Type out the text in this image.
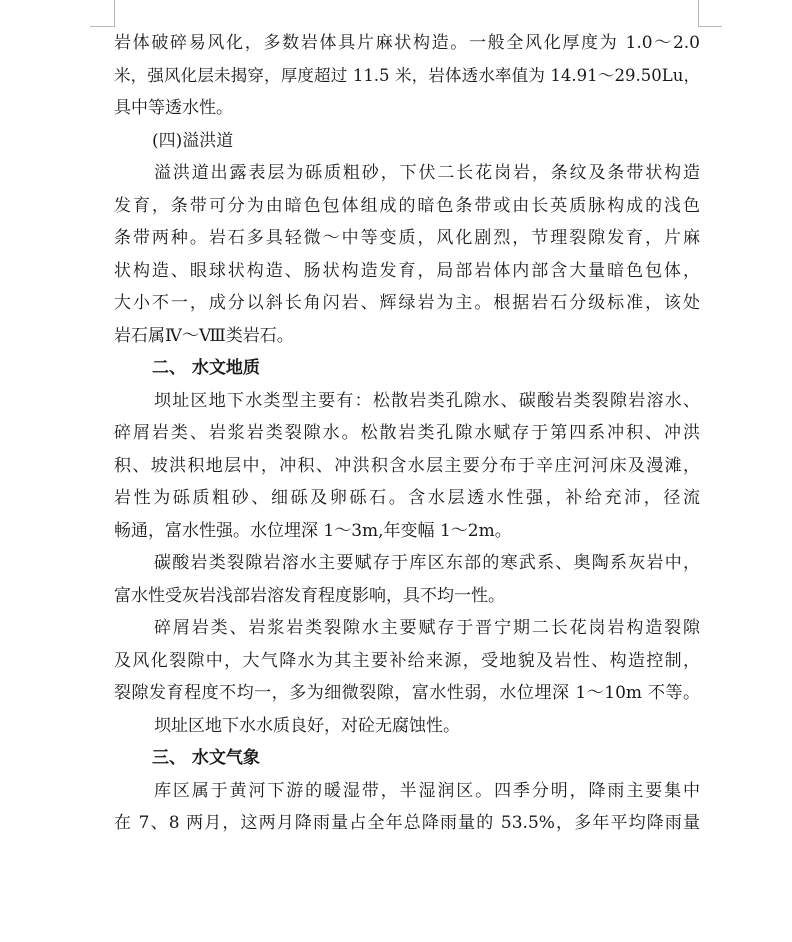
岩体破碎易风化，多数岩体具片麻状构造。一般全风化厚度为 1.0～2.0
米，强风化层未揭穿，厚度超过 11.5 米，岩体透水率值为 14.91～29.50Lu，
具中等透水性。
(四)溢洪道
溢洪道出露表层为砾质粗砂，下伏二长花岗岩，条纹及条带状构造
发育，条带可分为由暗色包体组成的暗色条带或由长英质脉构成的浅色
条带两种。岩石多具轻微～中等变质，风化剧烈，节理裂隙发育，片麻
状构造、眼球状构造、肠状构造发育，局部岩体内部含大量暗色包体，
大小不一，成分以斜长角闪岩、辉绿岩为主。根据岩石分级标准，该处
岩石属Ⅳ～Ⅷ类岩石。
二、 水文地质
坝址区地下水类型主要有：松散岩类孔隙水、碳酸岩类裂隙岩溶水、
碎屑岩类、岩浆岩类裂隙水。松散岩类孔隙水赋存于第四系冲积、冲洪
积、坡洪积地层中，冲积、冲洪积含水层主要分布于辛庄河河床及漫滩，
岩性为砾质粗砂、细砾及卵砾石。含水层透水性强，补给充沛，径流
畅通，富水性强。水位埋深 1～3m,年变幅 1～2m。
碳酸岩类裂隙岩溶水主要赋存于库区东部的寒武系、奥陶系灰岩中，
富水性受灰岩浅部岩溶发育程度影响，具不均一性。
碎屑岩类、岩浆岩类裂隙水主要赋存于晋宁期二长花岗岩构造裂隙
及风化裂隙中，大气降水为其主要补给来源，受地貌及岩性、构造控制，
裂隙发育程度不均一，多为细微裂隙，富水性弱，水位埋深 1～10m 不等。
坝址区地下水水质良好，对砼无腐蚀性。
三、 水文气象
库区属于黄河下游的暖湿带，半湿润区。四季分明，降雨主要集中
在 7、8 两月，这两月降雨量占全年总降雨量的 53.5%，多年平均降雨量
